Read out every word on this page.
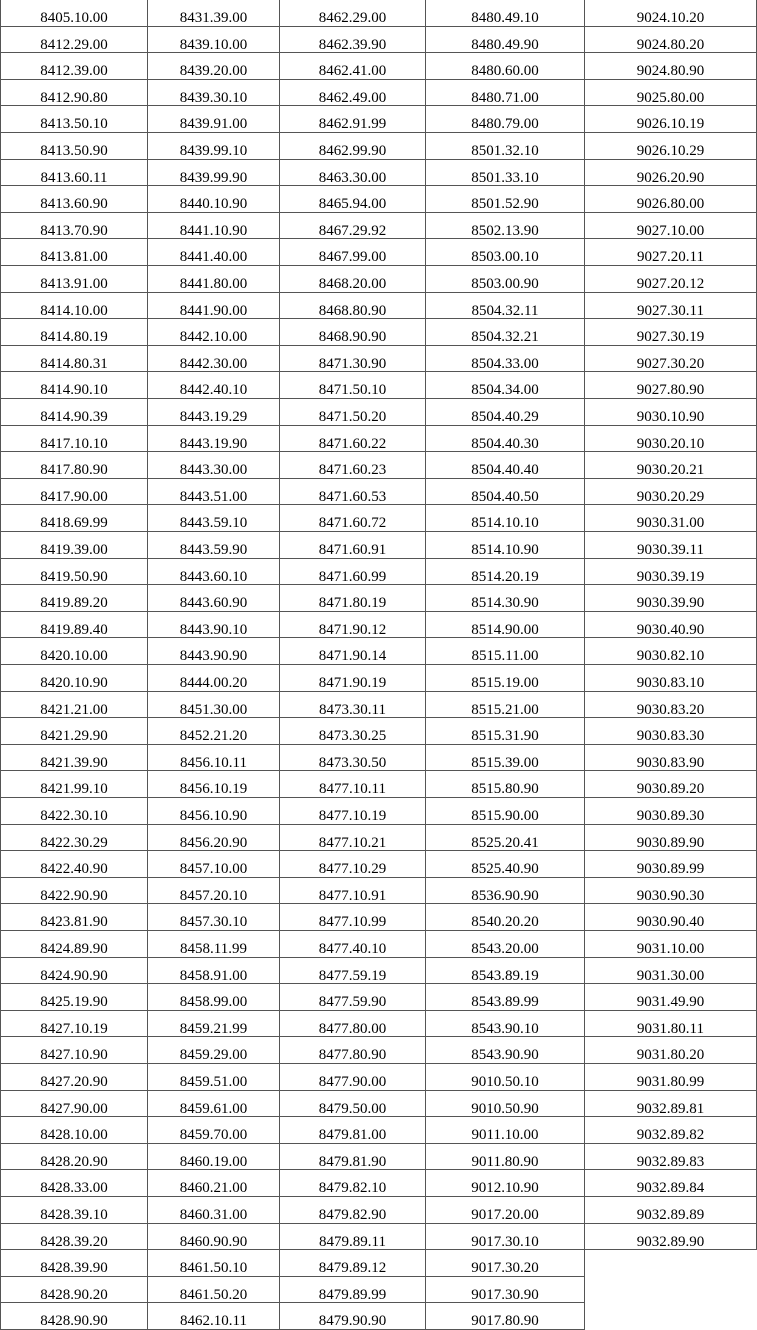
8405.10.00	8431.39.00	8462.29.00	8480.49.10	9024.10.20
8412.29.00	8439.10.00	8462.39.90	8480.49.90	9024.80.20
8412.39.00	8439.20.00	8462.41.00	8480.60.00	9024.80.90
8412.90.80	8439.30.10	8462.49.00	8480.71.00	9025.80.00
8413.50.10	8439.91.00	8462.91.99	8480.79.00	9026.10.19
8413.50.90	8439.99.10	8462.99.90	8501.32.10	9026.10.29
8413.60.11	8439.99.90	8463.30.00	8501.33.10	9026.20.90
8413.60.90	8440.10.90	8465.94.00	8501.52.90	9026.80.00
8413.70.90	8441.10.90	8467.29.92	8502.13.90	9027.10.00
8413.81.00	8441.40.00	8467.99.00	8503.00.10	9027.20.11
8413.91.00	8441.80.00	8468.20.00	8503.00.90	9027.20.12
8414.10.00	8441.90.00	8468.80.90	8504.32.11	9027.30.11
8414.80.19	8442.10.00	8468.90.90	8504.32.21	9027.30.19
8414.80.31	8442.30.00	8471.30.90	8504.33.00	9027.30.20
8414.90.10	8442.40.10	8471.50.10	8504.34.00	9027.80.90
8414.90.39	8443.19.29	8471.50.20	8504.40.29	9030.10.90
8417.10.10	8443.19.90	8471.60.22	8504.40.30	9030.20.10
8417.80.90	8443.30.00	8471.60.23	8504.40.40	9030.20.21
8417.90.00	8443.51.00	8471.60.53	8504.40.50	9030.20.29
8418.69.99	8443.59.10	8471.60.72	8514.10.10	9030.31.00
8419.39.00	8443.59.90	8471.60.91	8514.10.90	9030.39.11
8419.50.90	8443.60.10	8471.60.99	8514.20.19	9030.39.19
8419.89.20	8443.60.90	8471.80.19	8514.30.90	9030.39.90
8419.89.40	8443.90.10	8471.90.12	8514.90.00	9030.40.90
8420.10.00	8443.90.90	8471.90.14	8515.11.00	9030.82.10
8420.10.90	8444.00.20	8471.90.19	8515.19.00	9030.83.10
8421.21.00	8451.30.00	8473.30.11	8515.21.00	9030.83.20
8421.29.90	8452.21.20	8473.30.25	8515.31.90	9030.83.30
8421.39.90	8456.10.11	8473.30.50	8515.39.00	9030.83.90
8421.99.10	8456.10.19	8477.10.11	8515.80.90	9030.89.20
8422.30.10	8456.10.90	8477.10.19	8515.90.00	9030.89.30
8422.30.29	8456.20.90	8477.10.21	8525.20.41	9030.89.90
8422.40.90	8457.10.00	8477.10.29	8525.40.90	9030.89.99
8422.90.90	8457.20.10	8477.10.91	8536.90.90	9030.90.30
8423.81.90	8457.30.10	8477.10.99	8540.20.20	9030.90.40
8424.89.90	8458.11.99	8477.40.10	8543.20.00	9031.10.00
8424.90.90	8458.91.00	8477.59.19	8543.89.19	9031.30.00
8425.19.90	8458.99.00	8477.59.90	8543.89.99	9031.49.90
8427.10.19	8459.21.99	8477.80.00	8543.90.10	9031.80.11
8427.10.90	8459.29.00	8477.80.90	8543.90.90	9031.80.20
8427.20.90	8459.51.00	8477.90.00	9010.50.10	9031.80.99
8427.90.00	8459.61.00	8479.50.00	9010.50.90	9032.89.81
8428.10.00	8459.70.00	8479.81.00	9011.10.00	9032.89.82
8428.20.90	8460.19.00	8479.81.90	9011.80.90	9032.89.83
8428.33.00	8460.21.00	8479.82.10	9012.10.90	9032.89.84
8428.39.10	8460.31.00	8479.82.90	9017.20.00	9032.89.89
8428.39.20	8460.90.90	8479.89.11	9017.30.10	9032.89.90
8428.39.90	8461.50.10	8479.89.12	9017.30.20
8428.90.20	8461.50.20	8479.89.99	9017.30.90
8428.90.90	8462.10.11	8479.90.90	9017.80.90
